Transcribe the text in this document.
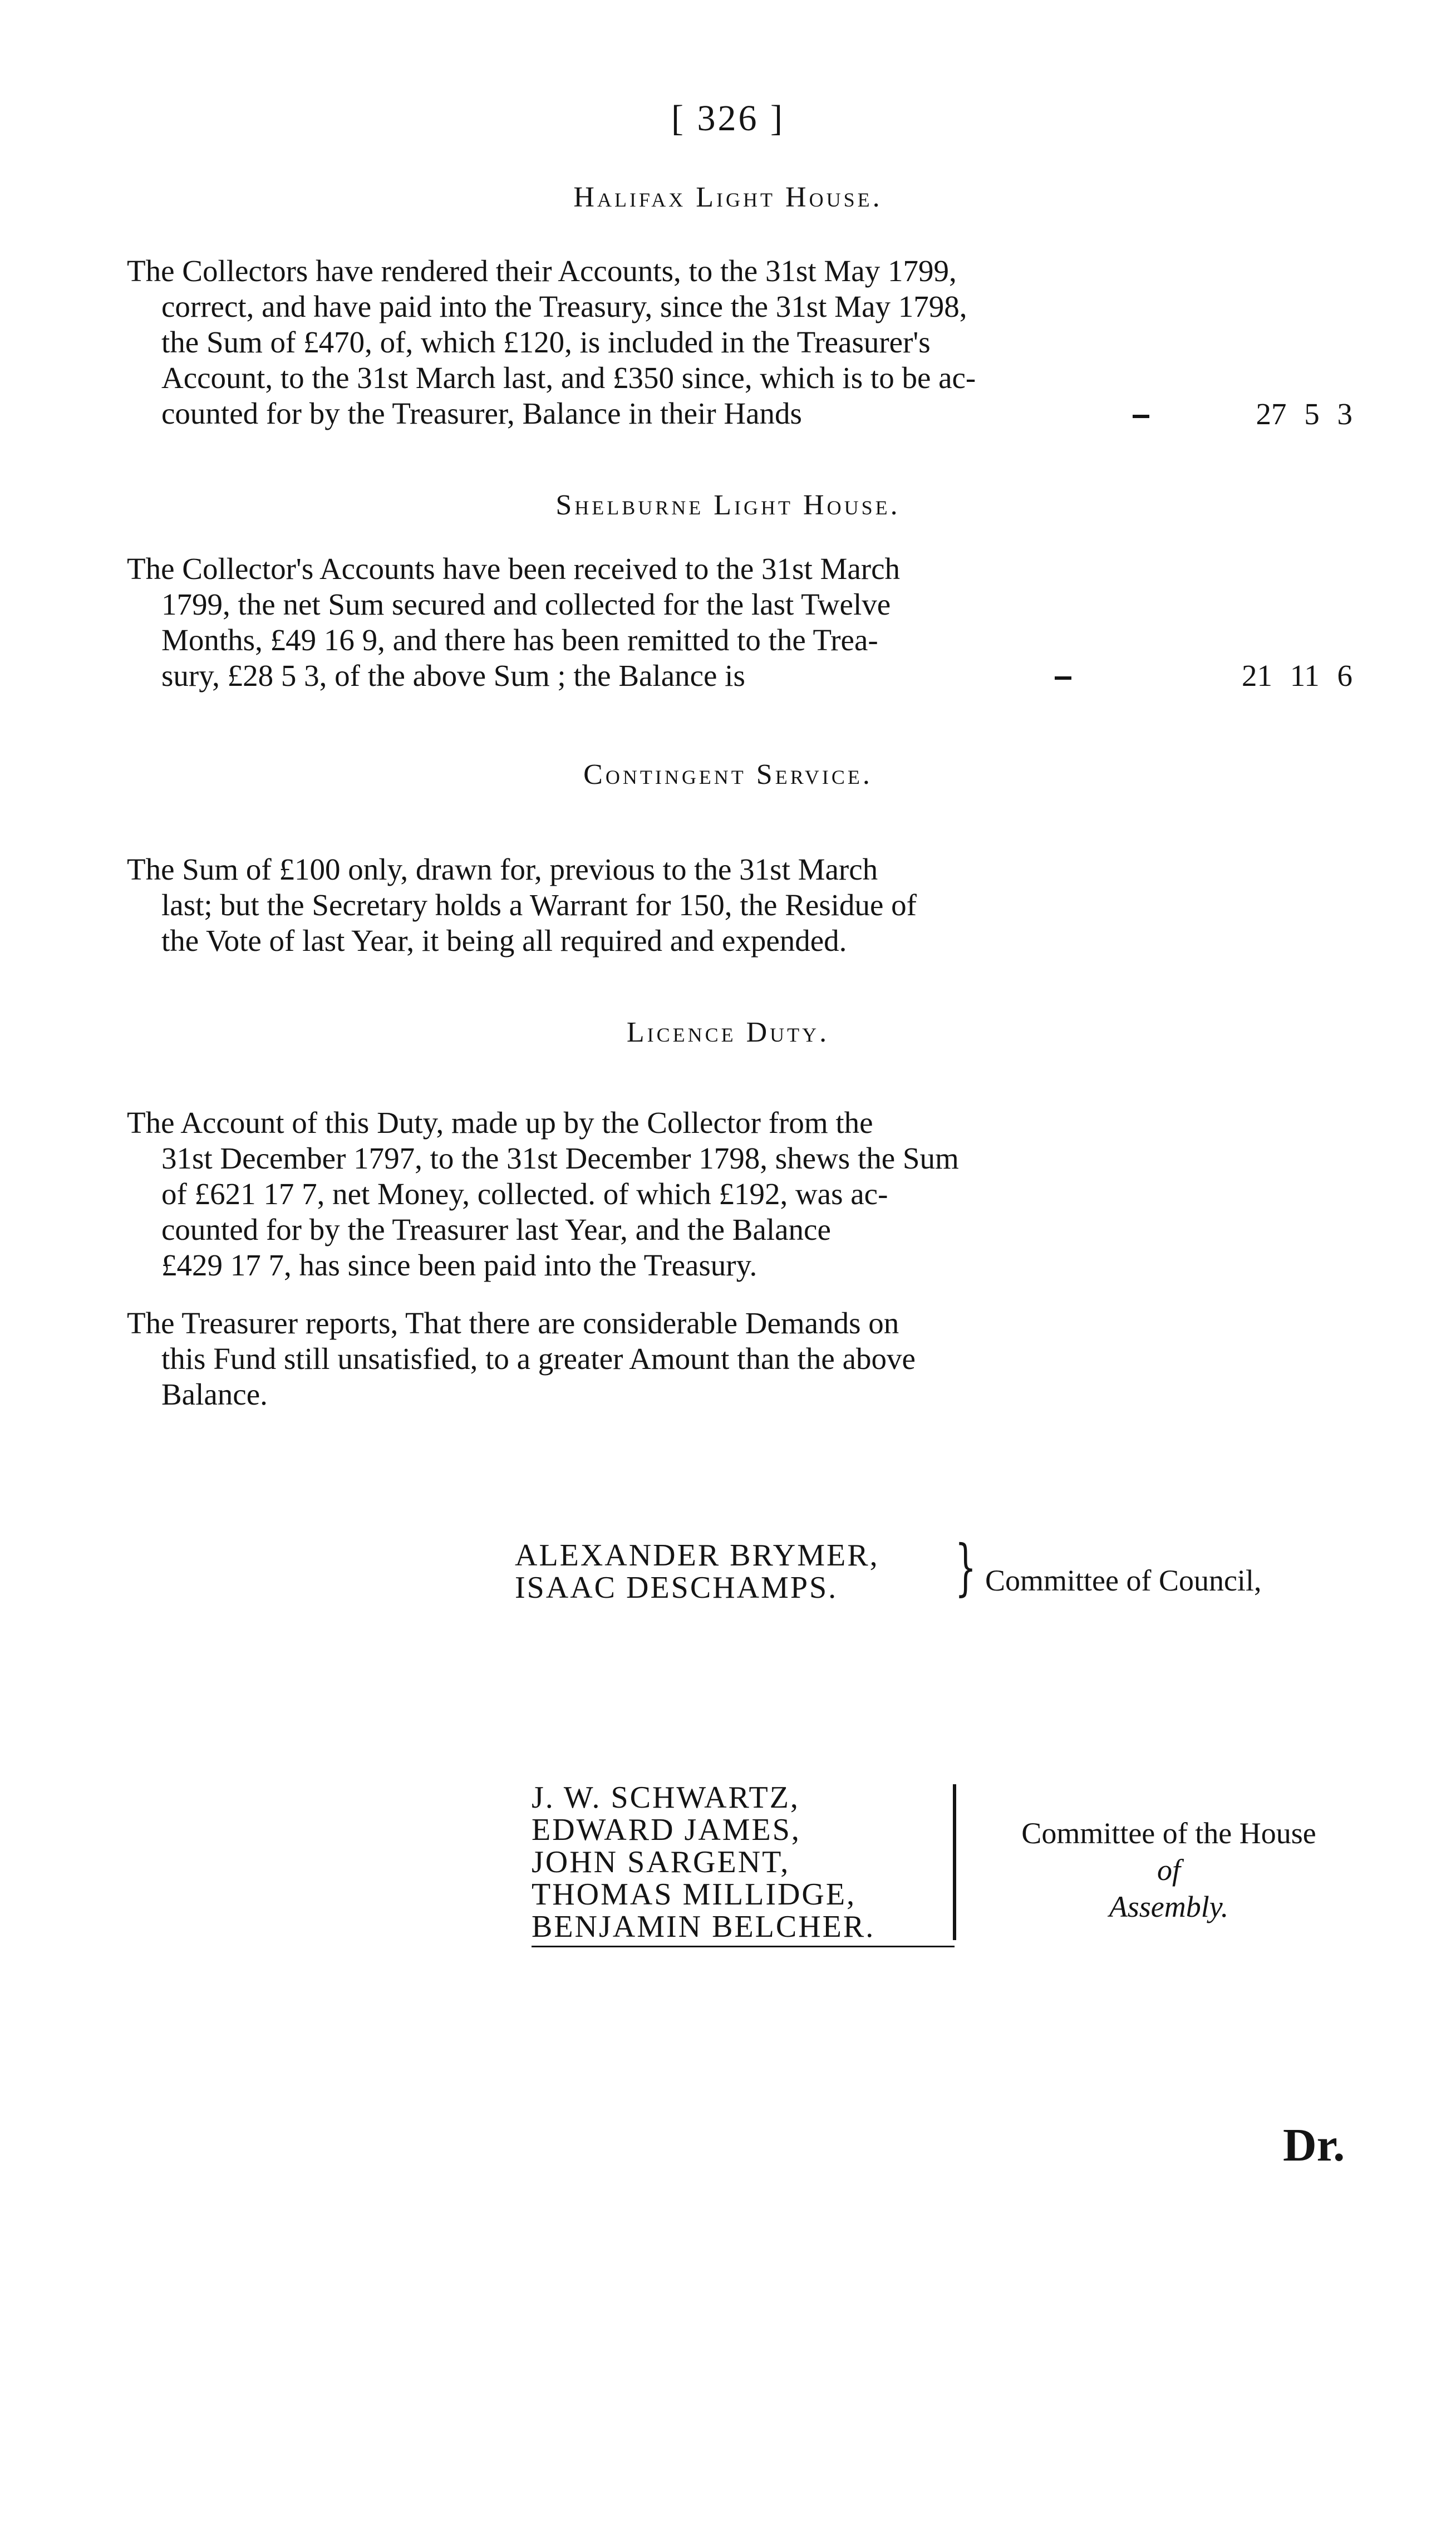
[ 326 ]
Halifax Light House.
The Collectors have rendered their Accounts, to the 31st May 1799,
correct, and have paid into the Treasury, since the 31st May 1798,
the Sum of £470, of, which £120, is included in the Treasurer's
Account, to the 31st March last, and £350 since, which is to be ac-
counted for by the Treasurer, Balance in their Hands	27 5 3
Shelburne Light House.
The Collector's Accounts have been received to the 31st March
1799, the net Sum secured and collected for the last Twelve
Months, £49 16 9, and there has been remitted to the Trea-
sury, £28 5 3, of the above Sum ; the Balance is	21 11 6
Contingent Service.
The Sum of £100 only, drawn for, previous to the 31st March
last; but the Secretary holds a Warrant for 150, the Residue of
the Vote of last Year, it being all required and expended.
Licence Duty.
The Account of this Duty, made up by the Collector from the
31st December 1797, to the 31st December 1798, shews the Sum
of £621 17 7, net Money, collected. of which £192, was ac-
counted for by the Treasurer last Year, and the Balance
£429 17 7, has since been paid into the Treasury.
The Treasurer reports, That there are considerable Demands on
this Fund still unsatisfied, to a greater Amount than the above
Balance.
ALEXANDER BRYMER,
ISAAC DESCHAMPS.	} Committee of Council,
J. W. SCHWARTZ,
EDWARD JAMES,
JOHN SARGENT,
THOMAS MILLIDGE,
BENJAMIN BELCHER.
Committee of the House
of
Assembly.
Dr.
